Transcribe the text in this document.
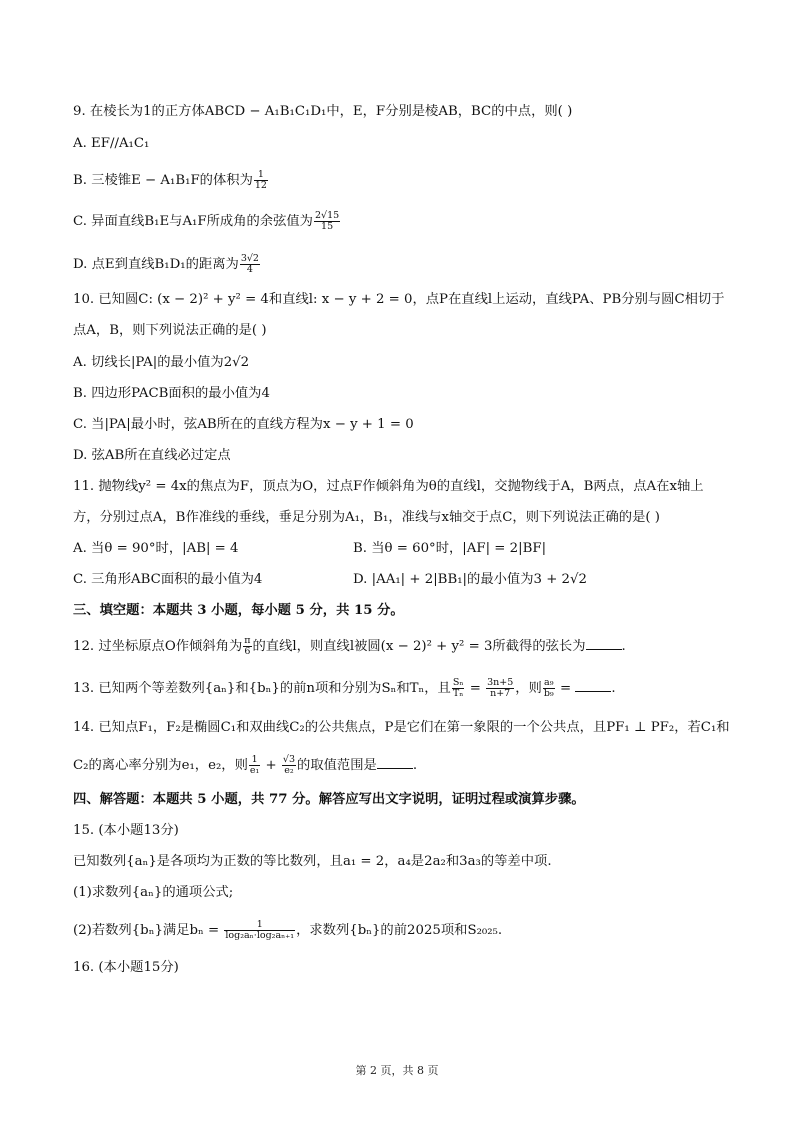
9. 在棱长为1的正方体ABCD − A₁B₁C₁D₁中，E，F分别是棱AB，BC的中点，则( )
A. EF//A₁C₁
B. 三棱锥E − A₁B₁F的体积为 $\frac{1}{12}$
C. 异面直线B₁E与A₁F所成角的余弦值为 $\frac{2√15}{15}$
D. 点E到直线B₁D₁的距离为 $\frac{3√2}{4}$
10. 已知圆C: (x − 2)² + y² = 4和直线l: x − y + 2 = 0，点P在直线l上运动，直线PA、PB分别与圆C相切于
点A，B，则下列说法正确的是( )
A. 切线长|PA|的最小值为2√2
B. 四边形PACB面积的最小值为4
C. 当|PA|最小时，弦AB所在的直线方程为x − y + 1 = 0
D. 弦AB所在直线必过定点
11. 抛物线y² = 4x的焦点为F，顶点为O，过点F作倾斜角为θ的直线l，交抛物线于A，B两点，点A在x轴上
方，分别过点A，B作准线的垂线，垂足分别为A₁，B₁，准线与x轴交于点C，则下列说法正确的是( )
A. 当θ = 90°时，|AB| = 4	B. 当θ = 60°时，|AF| = 2|BF|
C. 三角形ABC面积的最小值为4	D. |AA₁| + 2|BB₁|的最小值为3 + 2√2
三、填空题：本题共 3 小题，每小题 5 分，共 15 分。
12. 过坐标原点O作倾斜角为 $\frac{\pi}{6}$ 的直线l，则直线l被圆(x − 2)² + y² = 3所截得的弦长为	.
13. 已知两个等差数列{aₙ}和{bₙ}的前n项和分别为Sₙ和Tₙ，且 $\frac{\text{Sₙ}}{\text{Tₙ}} = \frac{3n+5}{n+7}$ ，则 $\frac{\text{a₉}}{\text{b₉}}$ =	.
14. 已知点F₁，F₂是椭圆C₁和双曲线C₂的公共焦点，P是它们在第一象限的一个公共点，且PF₁ ⊥ PF₂，若C₁和
C₂的离心率分别为e₁，e₂，则 $\frac{1}{\text{e₁}} + \frac{√3}{\text{e₂}}$ 的取值范围是	.
四、解答题：本题共 5 小题，共 77 分。解答应写出文字说明，证明过程或演算步骤。
15. (本小题13分)
已知数列{aₙ}是各项均为正数的等比数列，且a₁ = 2，a₄是2a₂和3a₃的等差中项.
(1)求数列{aₙ}的通项公式;
(2)若数列{bₙ}满足$b_n = \frac{1}{\text{log₂aₙ·log₂aₙ₊₁}}$ ，求数列{bₙ}的前2025项和S₂₀₂₅.
16. (本小题15分)
第 2 页，共 8 页
